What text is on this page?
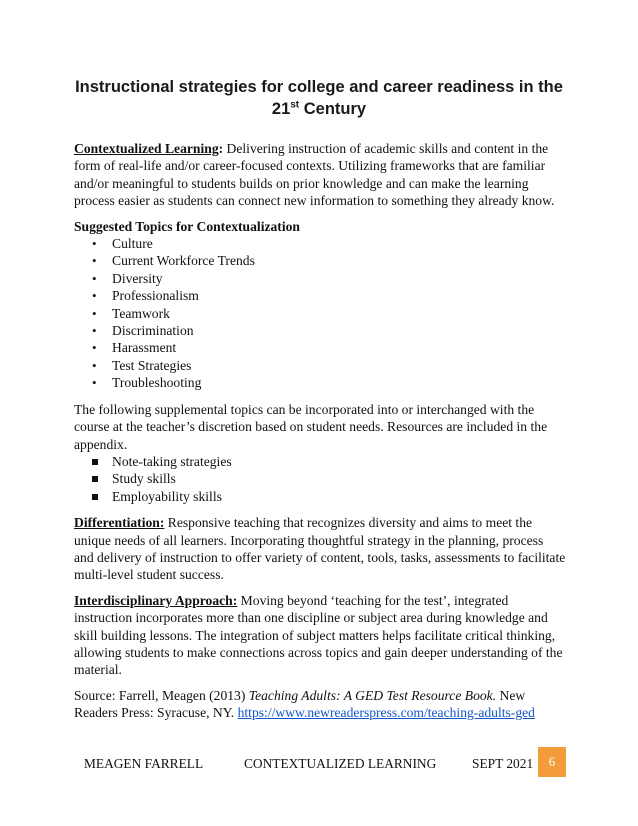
Instructional strategies for college and career readiness in the
21st Century

Contextualized Learning: Delivering instruction of academic skills and content in the form of real-life and/or career-focused contexts. Utilizing frameworks that are familiar and/or meaningful to students builds on prior knowledge and can make the learning process easier as students can connect new information to something they already know.

Suggested Topics for Contextualization

• Culture
• Current Workforce Trends
• Diversity
• Professionalism
• Teamwork
• Discrimination
• Harassment
• Test Strategies
• Troubleshooting

The following supplemental topics can be incorporated into or interchanged with the course at the teacher’s discretion based on student needs. Resources are included in the appendix.

Note-taking strategies
Study skills
Employability skills

Differentiation: Responsive teaching that recognizes diversity and aims to meet the unique needs of all learners. Incorporating thoughtful strategy in the planning, process and delivery of instruction to offer variety of content, tools, tasks, assessments to facilitate multi-level student success.

Interdisciplinary Approach: Moving beyond ‘teaching for the test’, integrated instruction incorporates more than one discipline or subject area during knowledge and skill building lessons. The integration of subject matters helps facilitate critical thinking, allowing students to make connections across topics and gain deeper understanding of the material.

Source: Farrell, Meagen (2013) Teaching Adults: A GED Test Resource Book. New Readers Press: Syracuse, NY. https://www.newreaderspress.com/teaching-adults-ged

MEAGEN FARRELL	CONTEXTUALIZED LEARNING	SEPT 2021	6
